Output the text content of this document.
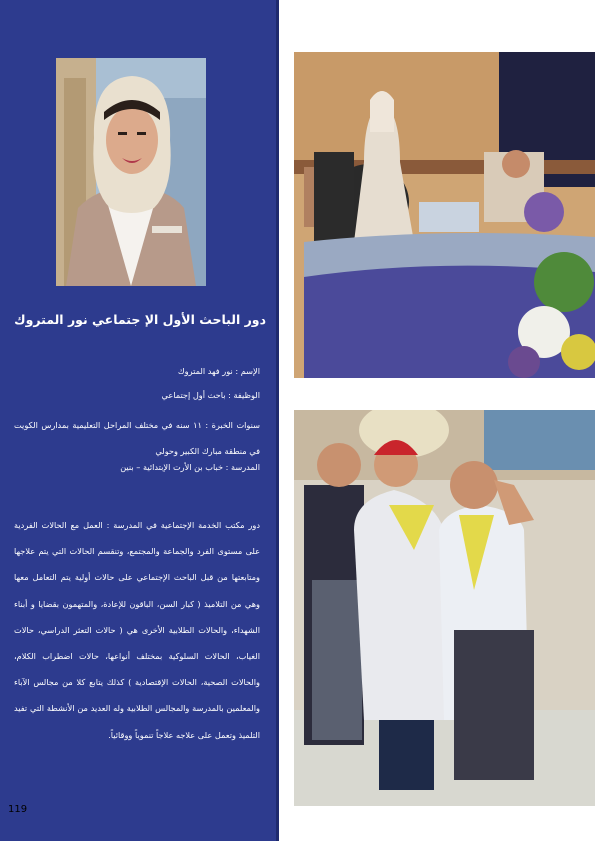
دور الباحث الأول الإ جتماعي نور المتروك
الإسم : نور فهد المتروك
الوظيفة : باحث أول إجتماعي
سنوات الخبرة : ١١ سنه في مختلف المراحل التعليمية بمدارس الكويت في منطقة مبارك الكبير وحولي
المدرسة : خباب بن الأرت الإبتدائية – بنين
دور مكتب الخدمة الإجتماعية في المدرسة : العمل مع الحالات الفردية على مستوى الفرد والجماعة والمجتمع، وتنقسم الحالات التي يتم علاجها ومتابعتها من قبل الباحث الإجتماعي على حالات أولية يتم التعامل معها وهي من التلاميذ ( كبار السن، الباقون للإعادة، والمتهمون بقضايا و أبناء الشهداء، والحالات الطلابية الأخرى هي ( حالات التعثر الدراسي، حالات الغياب، الحالات السلوكية بمختلف أنواعها، حالات اضطراب الكلام، والحالات الصحية، الحالات الإقتصادية ) كذلك يتابع كلا من مجالس الآباء والمعلمين بالمدرسة والمجالس الطلابية وله العديد من الأنشطة التي تفيد التلميذ وتعمل على علاجه علاجاً تنموياً ووقائياً.
119
